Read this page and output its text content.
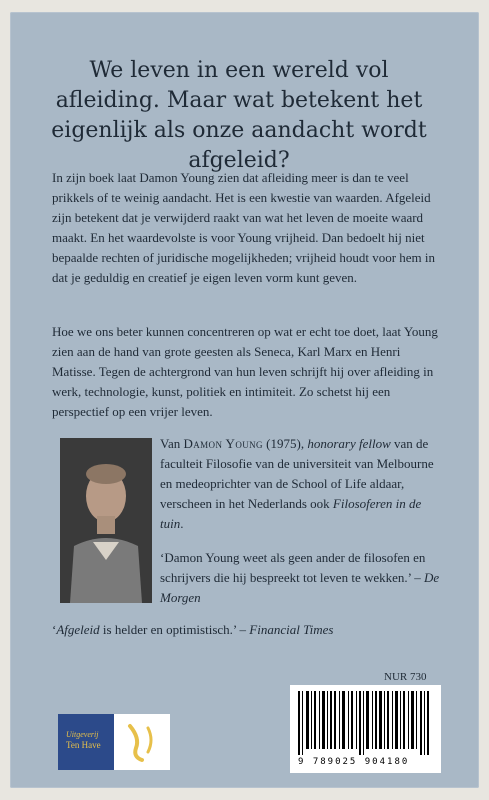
We leven in een wereld vol afleiding. Maar wat betekent het eigenlijk als onze aandacht wordt afgeleid?

In zijn boek laat Damon Young zien dat afleiding meer is dan te veel prikkels of te weinig aandacht. Het is een kwestie van waarden. Afgeleid zijn betekent dat je verwijderd raakt van wat het leven de moeite waard maakt. En het waardevolste is voor Young vrijheid. Dan bedoelt hij niet bepaalde rechten of juridische mogelijkheden; vrijheid houdt voor hem in dat je geduldig en creatief je eigen leven vorm kunt geven.

Hoe we ons beter kunnen concentreren op wat er echt toe doet, laat Young zien aan de hand van grote geesten als Seneca, Karl Marx en Henri Matisse. Tegen de achtergrond van hun leven schrijft hij over afleiding in werk, technologie, kunst, politiek en intimiteit. Zo schetst hij een perspectief op een vrijer leven.

Van Damon Young (1975), honorary fellow van de faculteit Filosofie van de universiteit van Melbourne en medeoprichter van de School of Life aldaar, verscheen in het Nederlands ook Filosoferen in de tuin.

‘Damon Young weet als geen ander de filosofen en schrijvers die hij bespreekt tot leven te wekken.’ – De Morgen

‘Afgeleid is helder en optimistisch.’ – Financial Times

NUR 730
9 789025 904180
Uitgeverij
Ten Have
